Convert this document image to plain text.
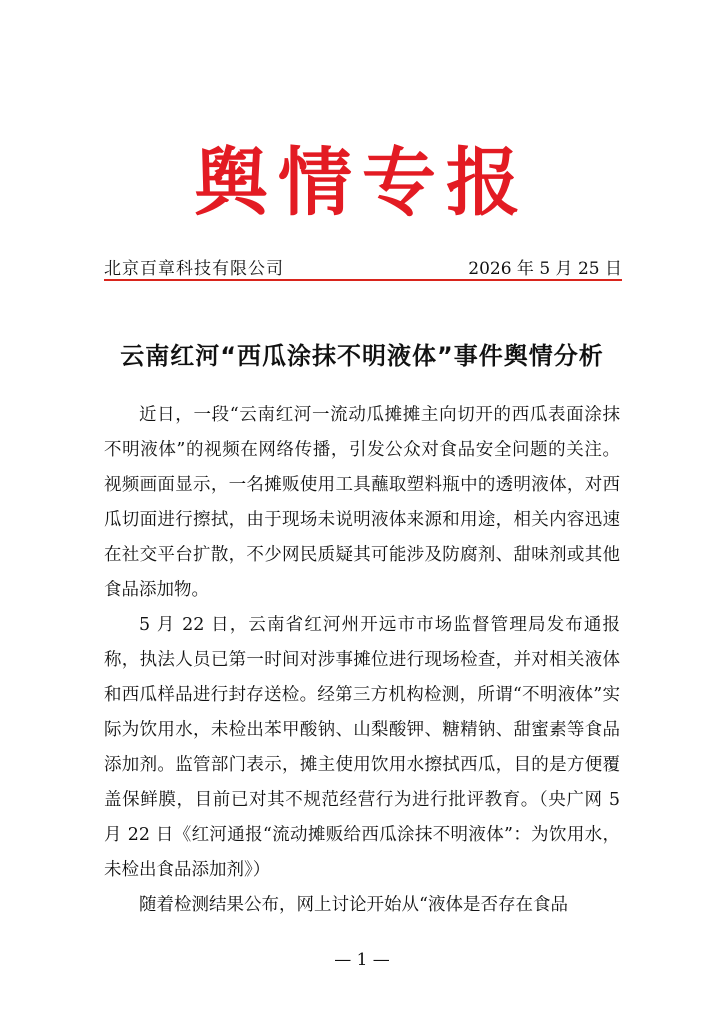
舆情专报
北京百章科技有限公司	2026 年 5 月 25 日
云南红河“西瓜涂抹不明液体”事件舆情分析

近日，一段“云南红河一流动瓜摊摊主向切开的西瓜表面涂抹不明液体”的视频在网络传播，引发公众对食品安全问题的关注。视频画面显示，一名摊贩使用工具蘸取塑料瓶中的透明液体，对西瓜切面进行擦拭，由于现场未说明液体来源和用途，相关内容迅速在社交平台扩散，不少网民质疑其可能涉及防腐剂、甜味剂或其他食品添加物。

5 月 22 日，云南省红河州开远市市场监督管理局发布通报称，执法人员已第一时间对涉事摊位进行现场检查，并对相关液体和西瓜样品进行封存送检。经第三方机构检测，所谓“不明液体”实际为饮用水，未检出苯甲酸钠、山梨酸钾、糖精钠、甜蜜素等食品添加剂。监管部门表示，摊主使用饮用水擦拭西瓜，目的是方便覆盖保鲜膜，目前已对其不规范经营行为进行批评教育。（央广网 5 月 22 日《红河通报“流动摊贩给西瓜涂抹不明液体”：为饮用水，未检出食品添加剂》）

随着检测结果公布，网上讨论开始从“液体是否存在食品

— 1 —
